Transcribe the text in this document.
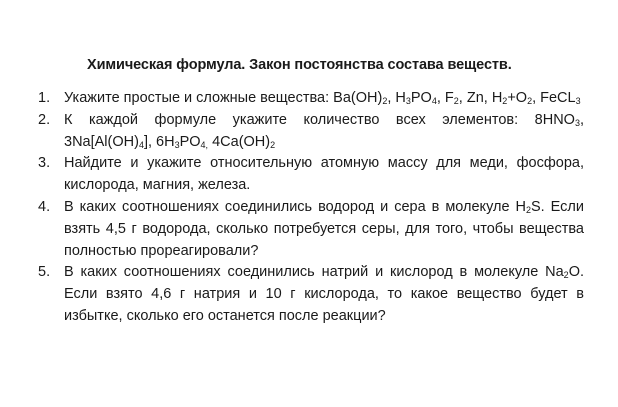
Химическая формула. Закон постоянства состава веществ.
1. Укажите простые и сложные вещества: $Ba(OH)_2$, $H_3PO_4$, $F_2$, Zn, $H_2+O_2$, FeCL$_3$
2. К каждой формуле укажите количество всех элементов: $8HNO_3$, $3Na[Al(OH)_4]$, $6H_3PO_{4,}$ $4Ca(OH)_2$
3. Найдите и укажите относительную атомную массу для меди, фосфора, кислорода, магния, железа.
4. В каких соотношениях соединились водород и сера в молекуле $H_2S$. Если взять 4,5 г водорода, сколько потребуется серы, для того, чтобы вещества полностью прореагировали?
5. В каких соотношениях соединились натрий и кислород в молекуле $Na_2O$. Если взято 4,6 г натрия и 10 г кислорода, то какое вещество будет в избытке, сколько его останется после реакции?
